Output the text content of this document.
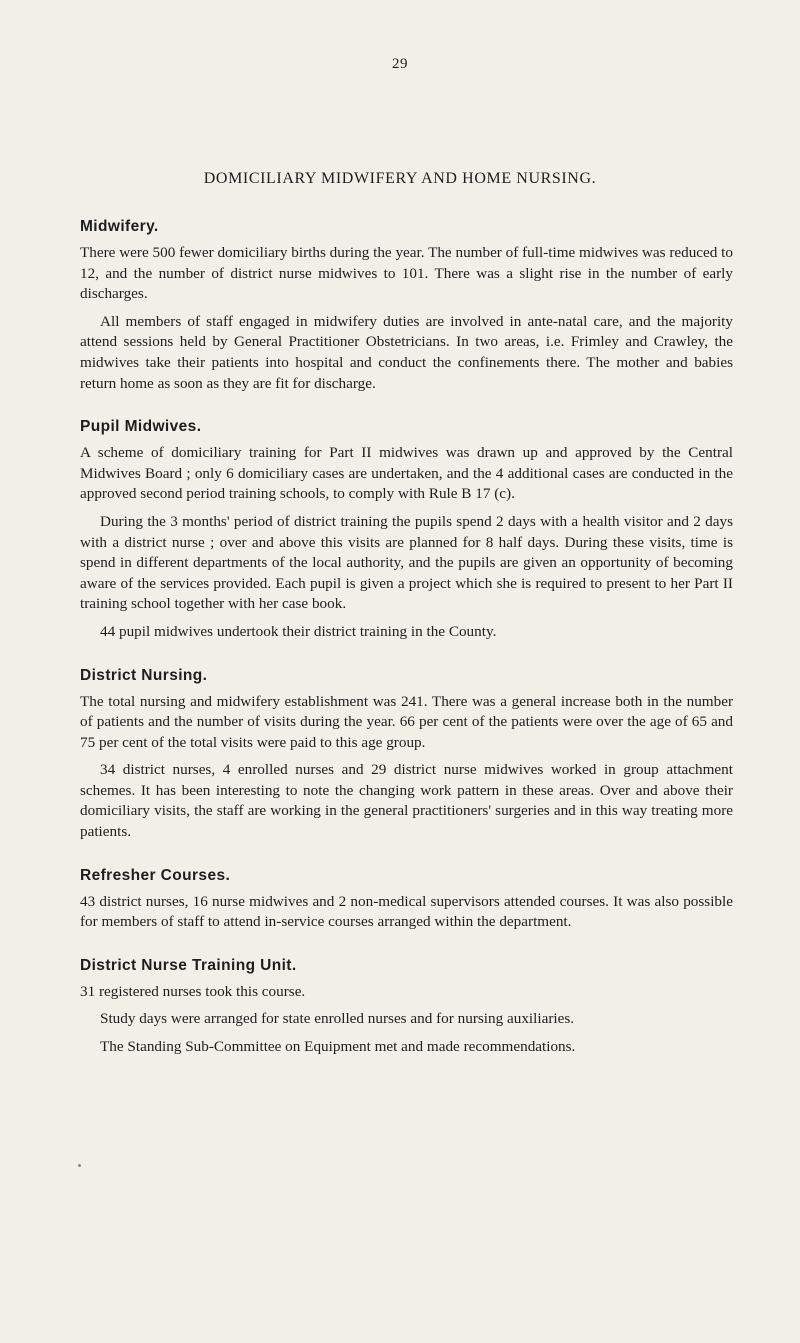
29
DOMICILIARY MIDWIFERY AND HOME NURSING.
Midwifery.

There were 500 fewer domiciliary births during the year. The number of full-time midwives was reduced to 12, and the number of district nurse midwives to 101. There was a slight rise in the number of early discharges.

All members of staff engaged in midwifery duties are involved in ante-natal care, and the majority attend sessions held by General Practitioner Obstetricians. In two areas, i.e. Frimley and Crawley, the midwives take their patients into hospital and conduct the confinements there. The mother and babies return home as soon as they are fit for discharge.

Pupil Midwives.

A scheme of domiciliary training for Part II midwives was drawn up and approved by the Central Midwives Board ; only 6 domiciliary cases are undertaken, and the 4 additional cases are conducted in the approved second period training schools, to comply with Rule B 17 (c).

During the 3 months' period of district training the pupils spend 2 days with a health visitor and 2 days with a district nurse ; over and above this visits are planned for 8 half days. During these visits, time is spend in different departments of the local authority, and the pupils are given an opportunity of becoming aware of the services provided. Each pupil is given a project which she is required to present to her Part II training school together with her case book.

44 pupil midwives undertook their district training in the County.

District Nursing.

The total nursing and midwifery establishment was 241. There was a general increase both in the number of patients and the number of visits during the year. 66 per cent of the patients were over the age of 65 and 75 per cent of the total visits were paid to this age group.

34 district nurses, 4 enrolled nurses and 29 district nurse midwives worked in group attachment schemes. It has been interesting to note the changing work pattern in these areas. Over and above their domiciliary visits, the staff are working in the general practitioners' surgeries and in this way treating more patients.

Refresher Courses.

43 district nurses, 16 nurse midwives and 2 non-medical supervisors attended courses. It was also possible for members of staff to attend in-service courses arranged within the department.

District Nurse Training Unit.

31 registered nurses took this course.

Study days were arranged for state enrolled nurses and for nursing auxiliaries.

The Standing Sub-Committee on Equipment met and made recommendations.
